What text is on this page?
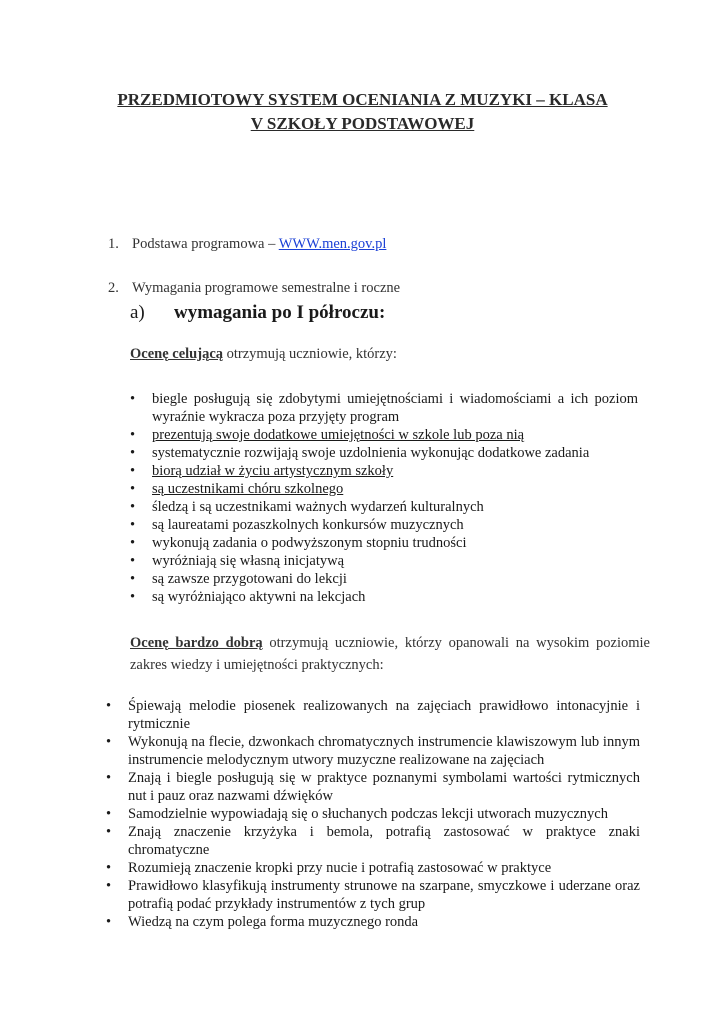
PRZEDMIOTOWY SYSTEM OCENIANIA Z MUZYKI – KLASA
V SZKOŁY PODSTAWOWEJ
1. Podstawa programowa – WWW.men.gov.pl
2. Wymagania programowe semestralne i roczne
a) wymagania po I półroczu:
Ocenę celującą otrzymują uczniowie, którzy:
• biegle posługują się zdobytymi umiejętnościami i wiadomościami a ich poziom wyraźnie wykracza poza przyjęty program
• prezentują swoje dodatkowe umiejętności w szkole lub poza nią
• systematycznie rozwijają swoje uzdolnienia wykonując dodatkowe zadania
• biorą udział w życiu artystycznym szkoły
• są uczestnikami chóru szkolnego
• śledzą i są uczestnikami ważnych wydarzeń kulturalnych
• są laureatami pozaszkolnych konkursów muzycznych
• wykonują zadania o podwyższonym stopniu trudności
• wyróżniają się własną inicjatywą
• są zawsze przygotowani do lekcji
• są wyróżniająco aktywni na lekcjach
Ocenę bardzo dobrą otrzymują uczniowie, którzy opanowali na wysokim poziomie zakres wiedzy i umiejętności praktycznych:
• Śpiewają melodie piosenek realizowanych na zajęciach prawidłowo intonacyjnie i rytmicznie
• Wykonują na flecie, dzwonkach chromatycznych instrumencie klawiszowym lub innym instrumencie melodycznym utwory muzyczne realizowane na zajęciach
• Znają i biegle posługują się w praktyce poznanymi symbolami wartości rytmicznych nut i pauz oraz nazwami dźwięków
• Samodzielnie wypowiadają się o słuchanych podczas lekcji utworach muzycznych
• Znają znaczenie krzyżyka i bemola, potrafią zastosować w praktyce znaki chromatyczne
• Rozumieją znaczenie kropki przy nucie i potrafią zastosować w praktyce
• Prawidłowo klasyfikują instrumenty strunowe na szarpane, smyczkowe i uderzane oraz potrafią podać przykłady instrumentów z tych grup
• Wiedzą na czym polega forma muzycznego ronda
